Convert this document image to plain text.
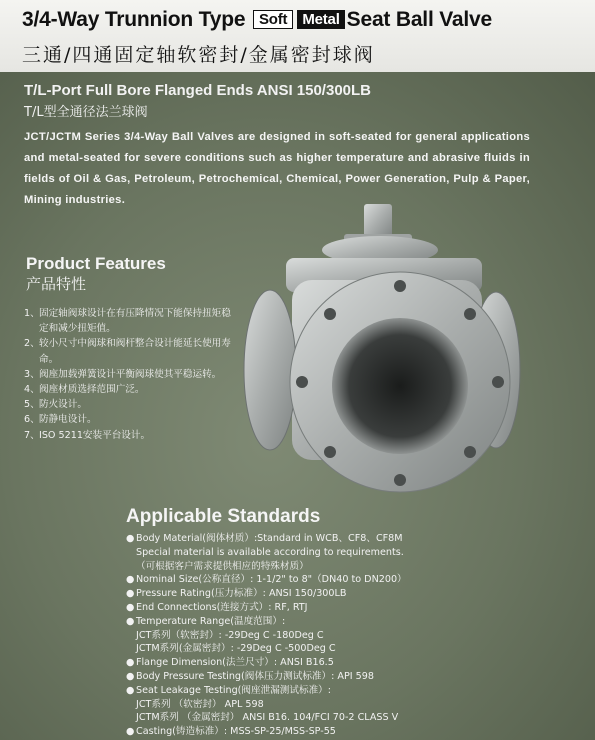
3/4-Way Trunnion Type Soft Metal Seat Ball Valve
三通/四通固定轴软密封/金属密封球阀
T/L-Port Full Bore Flanged Ends ANSI 150/300LB
T/L型全通径法兰球阀
JCT/JCTM Series 3/4-Way Ball Valves are designed in soft-seated for general applications and metal-seated for severe conditions such as higher temperature and abrasive fluids in fields of Oil & Gas, Petroleum, Petrochemical, Chemical, Power Generation, Pulp & Paper, Mining industries.
Product Features
产品特性
1、 固定轴阀球设计在有压降情况下能保持扭矩稳定和减少扭矩值。
2、 较小尺寸中阀球和阀杆整合设计能延长使用寿命。
3、 阀座加载弹簧设计平衡阀球使其平稳运转。
4、 阀座材质选择范围广泛。
5、 防火设计。
6、 防静电设计。
7、 ISO 5211安装平台设计。
Applicable Standards
● Body Material(阀体材质）:Standard in WCB、CF8、CF8M
Special material is available according to requirements.
（可根据客户需求提供相应的特殊材质）
● Nominal Size(公称直径）: 1-1/2" to 8"（DN40 to DN200）
● Pressure Rating(压力标准）: ANSI 150/300LB
● End Connections(连接方式）: RF, RTJ
● Temperature Range(温度范围）:
JCT系列（软密封）: -29Deg C -180Deg C
JCTM系列(金属密封）: -29Deg C -500Deg C
● Flange Dimension(法兰尺寸）: ANSI B16.5
● Body Pressure Testing(阀体压力测试标准）: API 598
● Seat Leakage Testing(阀座泄漏测试标准）:
JCT系列 （软密封） APL 598
JCTM系列 （金属密封） ANSI B16. 104/FCI 70-2 CLASS V
● Casting(铸造标准）: MSS-SP-25/MSS-SP-55
